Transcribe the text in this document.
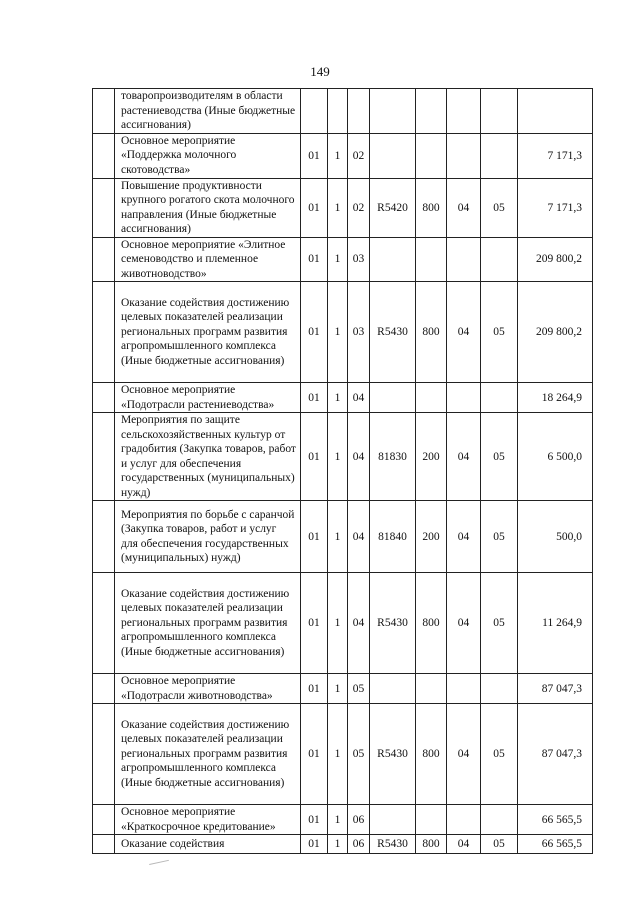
149
	товаропроизводителям в области растениеводства (Иные бюджетные ассигнования)								
	Основное мероприятие «Поддержка молочного скотоводства»	01	1	02					7 171,3
	Повышение продуктивности крупного рогатого скота молочного направления (Иные бюджетные ассигнования)	01	1	02	R5420	800	04	05	7 171,3
	Основное мероприятие «Элитное семеноводство и племенное животноводство»	01	1	03					209 800,2
	Оказание содействия достижению целевых показателей реализации региональных программ развития агропромышленного комплекса (Иные бюджетные ассигнования)	01	1	03	R5430	800	04	05	209 800,2
	Основное мероприятие «Подотрасли растениеводства»	01	1	04					18 264,9
	Мероприятия по защите сельскохозяйственных культур от градобития (Закупка товаров, работ и услуг для обеспечения государственных (муниципальных) нужд)	01	1	04	81830	200	04	05	6 500,0
	Мероприятия по борьбе с саранчой (Закупка товаров, работ и услуг для обеспечения государственных (муниципальных) нужд)	01	1	04	81840	200	04	05	500,0
	Оказание содействия достижению целевых показателей реализации региональных программ развития агропромышленного комплекса (Иные бюджетные ассигнования)	01	1	04	R5430	800	04	05	11 264,9
	Основное мероприятие «Подотрасли животноводства»	01	1	05					87 047,3
	Оказание содействия достижению целевых показателей реализации региональных программ развития агропромышленного комплекса (Иные бюджетные ассигнования)	01	1	05	R5430	800	04	05	87 047,3
	Основное мероприятие «Краткосрочное кредитование»	01	1	06					66 565,5
	Оказание содействия	01	1	06	R5430	800	04	05	66 565,5
